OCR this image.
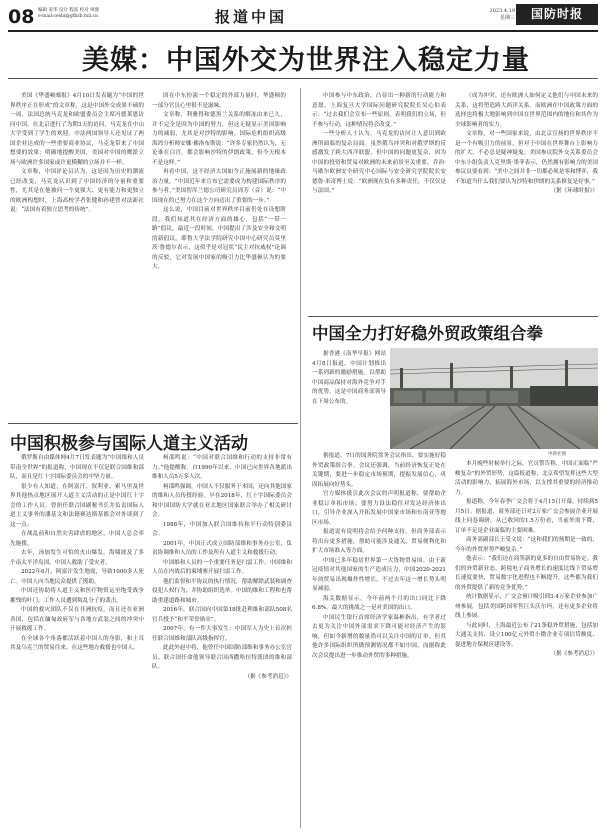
08 编辑 姜华 设计 程富 校对 师强
e-mail:ceshi@gfbzb.mil.cn	报道中国	2023.4.19
星期三	国防时报
美媒：中国外交为世界注入稳定力量

美国《华盛顿邮报》4月10日发表题为“中国的世界秩序正在形成”的文章称，这是中国外交成果丰硕的一周，法国总统马克龙和欧盟委员会主席冯德莱恩访问中国，在北京进行了为期3天的访问，马克龙在中山大学受到了学生的欢迎。中法两国领导人还见证了两国企业达成的一些重要商业协议，马克龙带来了中国想要的效果：明确地提醒美国，美国对中国的鹰派立场与欧洲许多国家或许更模糊的立场并不一样。

文章称，中国评论员认为，这是因为历史的潮流已经改变，马克龙认识到了中国经济的分量和重要性，尤其是在他被问一个更强大、更有能力和更独立的欧洲构想时，上海高校学者张健和孙建曾对法新社说：“法国有着独立思考的传统”。

国在中东扮演一个稳定的外部力量时，华盛顿的一部分官员心里很不是滋味。

文章称，利雅得和德黑兰关系的解冻由来已久，并不完全是因为中国的努力，但这无疑显示美国影响力的减弱，尤其是对沙特的影响。国际危机组织高级海湾分析师安娜·佛洛布斯说：“许多专家仍然认为，无论谁在白宫，都会影响沙特的伊朗政策，但今天根本不是这样。”

再看中国，这不经济大国如今正施展新的地缘政治力量。“中国近年来宣布它需要成为构建国际秩序的参与者，”美国智库兰德公司研究员周芳（音）说：“中国现在的已努力在这个方向迈出了重要的一步。”

这么说，中国目前对世界秩序目前仍处在设想阶段。我们知道其在经济方面的雄心，包括“一带一路”倡议。最近一段时间，中国提出了涉及安全和文明的新倡议。耶鲁大学法学院研究中国中心研究员莫里茨·鲁德尔表示，这似乎是对冠状“民主对抗威权”论调的反驳，它对发展中国家的吸引力比华盛顿认为的要大。

中国参与中东政治，凸显出一种新的行动能力和意愿。上海复旦大学国际问题研究院院长吴心伯表示：“过去我们会宣布一些原则，表明我们的立场，但不参与行动，这种情况将会改变。”

一些分析人士认为，马克龙的访问让人意识到欧洲所面临的复杂局面。虽然俄乌冲突和对俄罗斯的反感激发了跨大西洋联盟，但中国的问题更复杂，因为中国的投资和贸易对欧洲的未来前景至关重要。乔治·马歇尔欧洲安全研究中心国际与安全研究学院院长安德鲁·米奇博士说：“欧洲现在负有多种责任，不仅仅是与法国。”

（成为冲突。还有欧洲人如何定义他们与中国未来的关系，这将塑造跨大西洋关系。而欧洲在中国政策方面的选择也将极大地影响到中国在世界范围内的地位和其作为全球影响者的实力。

文章称，对一些国家来说，由北京宣扬的世界秩序不是一个有吸引力的前景，但对于中国在世界舞台上影响力的扩大，不必总是疑神疑鬼。美国参议院外交关系委员会中东小组负责人克里斯·墨菲表示，仍然拥有影响力的美国参议员要看到：“美中之间并非一切都必须是零和博弈，我不知道当什么我们要认为沙特和伊朗的关系修复是好事。”

（据《环球时报》）
中国全力打好稳外贸政策组合拳
中新社图

据香港《南华早报》网站4月8日报道，中国计划推出一系列新的激励措施，以帮助中国商品保持对海外竞争对手的优势，这是中国商务部领导在下周公布的。

据报道，7日的国务院常务会议指出，要实施好稳外贸政策组合拳。会议还强调，当前经济恢复正处在关键期，要进一步稳定市场预期，提振发展信心，巩固拓展向好势头。

官方媒体援引此次会议的声明报道称，要帮助企业稳订单拓市场；要努力设法稳住对发达经济体出口，引导企业深入开拓发展中国家市场和东南亚等地区市场。

报道说有说明将会给予何种支持，但商务部表示将出台更多措施，帮助可能涉及通关、贸易便利化和扩大市场准入等方面。

中国已多年稳居世界第一大货物贸易国。由于新冠疫情对其他国家的生产造成压力，中国2020-2021年的贸易出现爆炸性增长。不过去年这一增长势头明显减弱。

海关数据显示，今年前两个月的出口同比下降6.8%。最大的挑战之一是对美国的出口。

中国民生银行首席经济学家温彬指出，有学者过去更为关注中国外部需求下降可能对经济产生的影响，但如今新增的数量尚可以关注中国的订单。但其他许多国际组织所做预测情况都不如中国，而据称此次会议提出进一步推动外贸的多种措施。

本月晚些时候举行之际，官员警告称，中国正面临“严峻复杂”的外贸形势，这篇报道称，北京希望发挥这些大型活动的影响力，拓展海外市场，以支撑其重要的经济推动力。

报道称，今年春季广交会将于4月15日开幕，持续到5月5日。据报道，商务部还日对2万家广交会参展企业开展线上问卷调研，从已收回的1.5万份看，当前外需下降，订单不足是企业面临的主要困难。

商务部副部长王受文说：“这和我们的预期是一致的，今年的外贸形势严峻复杂。”

他表示：“我们还在商签新的更多的自由贸易协定。我们的外贸新业态，跨境电子商务增长的速度比线下贸易增长速度要快，贸易数字化进程也不断提升，这些都为我们的外贸提供了新的竞争优势。”

统计数据显示，广交会预计吸引到3.4万家企业参加广州参展。包括美国跨国零售巨头沃尔玛，还有更多企业将线上参展。

与此同时，上海最近公布了21条稳外贸措施，包括加大通关支持、设立100亿元外贸小微企业专项信贷额度、促进地方保税区建设等。

（据《参考消息》）
中国积极参与国际人道主义活动

俄罗斯自由媒体网4月7日发表题为“中国维和人员带南全世界”的报道称，中国现在不仅是联合国维和部队，而且是红十字国际委员会的中坚力量。

很少有人知道，在阿富汗、叙利亚、索马里及世界其他热点地区展开人道主义活动的正是中国红十字会的工作人员。曾担任联合国副秘书长并负责国际人道主义事务的潘基文和法籍赛达斯基都会对外谈到了这一点。

在战乱前和自然灾害肆虐的地区，中国人总会率先施援。

去年，汤加发生可怕的火山爆发，海啸波及了多个南太平洋岛国，中国人救助了受灾者。

2022年6月，阿富汗发生地震，导致1000多人死亡。中国人向当地民众提供了援助。

中国还协助将人道主义和医疗物资运至饱受战争摧残的叶门、工作人员遭到叛乱分子的袭击。

中国的救灾团队不仅在非洲抗疫，而且还在亚洲各国，包括在缅甸政府军与各地方武装之间的冲突中开展救援工作。

在全球各个角落都活跃着中国人的身影，和土耳其及乌克兰的贸易往来，在这些地方救援也中国人。

柯邵鸣说：“中国对联合国维和行动的支持非常有力。”他提醒称，自1990年以来，中国已向世界各地派出维和人员5万多人次。

柯邵鸣强调，中国人不仅服务于本国，还向其他国家的维和人员传授经验。早在2018年，红十字国际委员会和中国国防大学就在亚太地区国家联合举办了相关研讨会。

1988年，中国加入联合国维持和平行动特别委员会。

2001年，中国正式成立国防部维和事务办公室，负责协调维和人员的工作及所有人道主义和救援行动。

中国维和人员的一个重要任务是扫雷工作。中国维和人员在内战后的柬埔寨开展扫雷工作。

他们监督和平协议的执行情况，帮助解除武装和调查侵犯人权行为，并协助组织选举。中国的维和工程和也帮助重建道路和城市。

2016年，联合国向中国第18批赴利维和部队508名官兵授予“和平荣誉勋章”。

2007年，有一件大事发生：中国军人为史上首次担任联合国维和部队高级指挥官。

此此外赵中将，他曾任中国国防部维和事务办公室官员。联合国任命他领导联合国西撒哈拉特派团的维和部队。

（据《参考消息》）
